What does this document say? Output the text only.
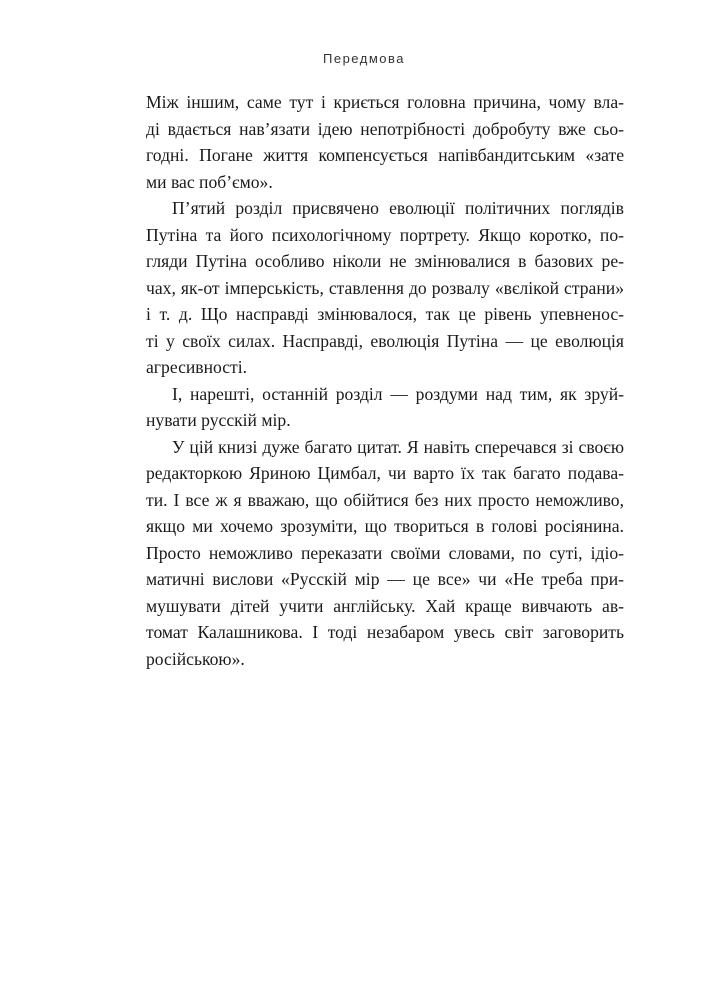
Передмова
Між іншим, саме тут і криється головна причина, чому вла-
ді вдається нав’язати ідею непотрібності добробуту вже сьо-
годні. Погане життя компенсується напівбандитським «зате
ми вас побʼємо».
П’ятий розділ присвячено еволюції політичних поглядів
Путіна та його психологічному портрету. Якщо коротко, по-
гляди Путіна особливо ніколи не змінювалися в базових ре-
чах, як-от імперськість, ставлення до розвалу «вєлікой страни»
і т. д. Що насправді змінювалося, так це рівень упевненос-
ті у своїх силах. Насправді, еволюція Путіна — це еволюція
агресивності.
І, нарешті, останній розділ — роздуми над тим, як зруй-
нувати русскій мір.
У цій книзі дуже багато цитат. Я навіть сперечався зі своєю
редакторкою Яриною Цимбал, чи варто їх так багато подава-
ти. І все ж я вважаю, що обійтися без них просто неможливо,
якщо ми хочемо зрозуміти, що твориться в голові росіянина.
Просто неможливо переказати своїми словами, по суті, ідіо-
матичні вислови «Русскій мір — це все» чи «Не треба при-
мушувати дітей учити англійську. Хай краще вивчають ав-
томат Калашникова. І тоді незабаром увесь світ заговорить
російською».
